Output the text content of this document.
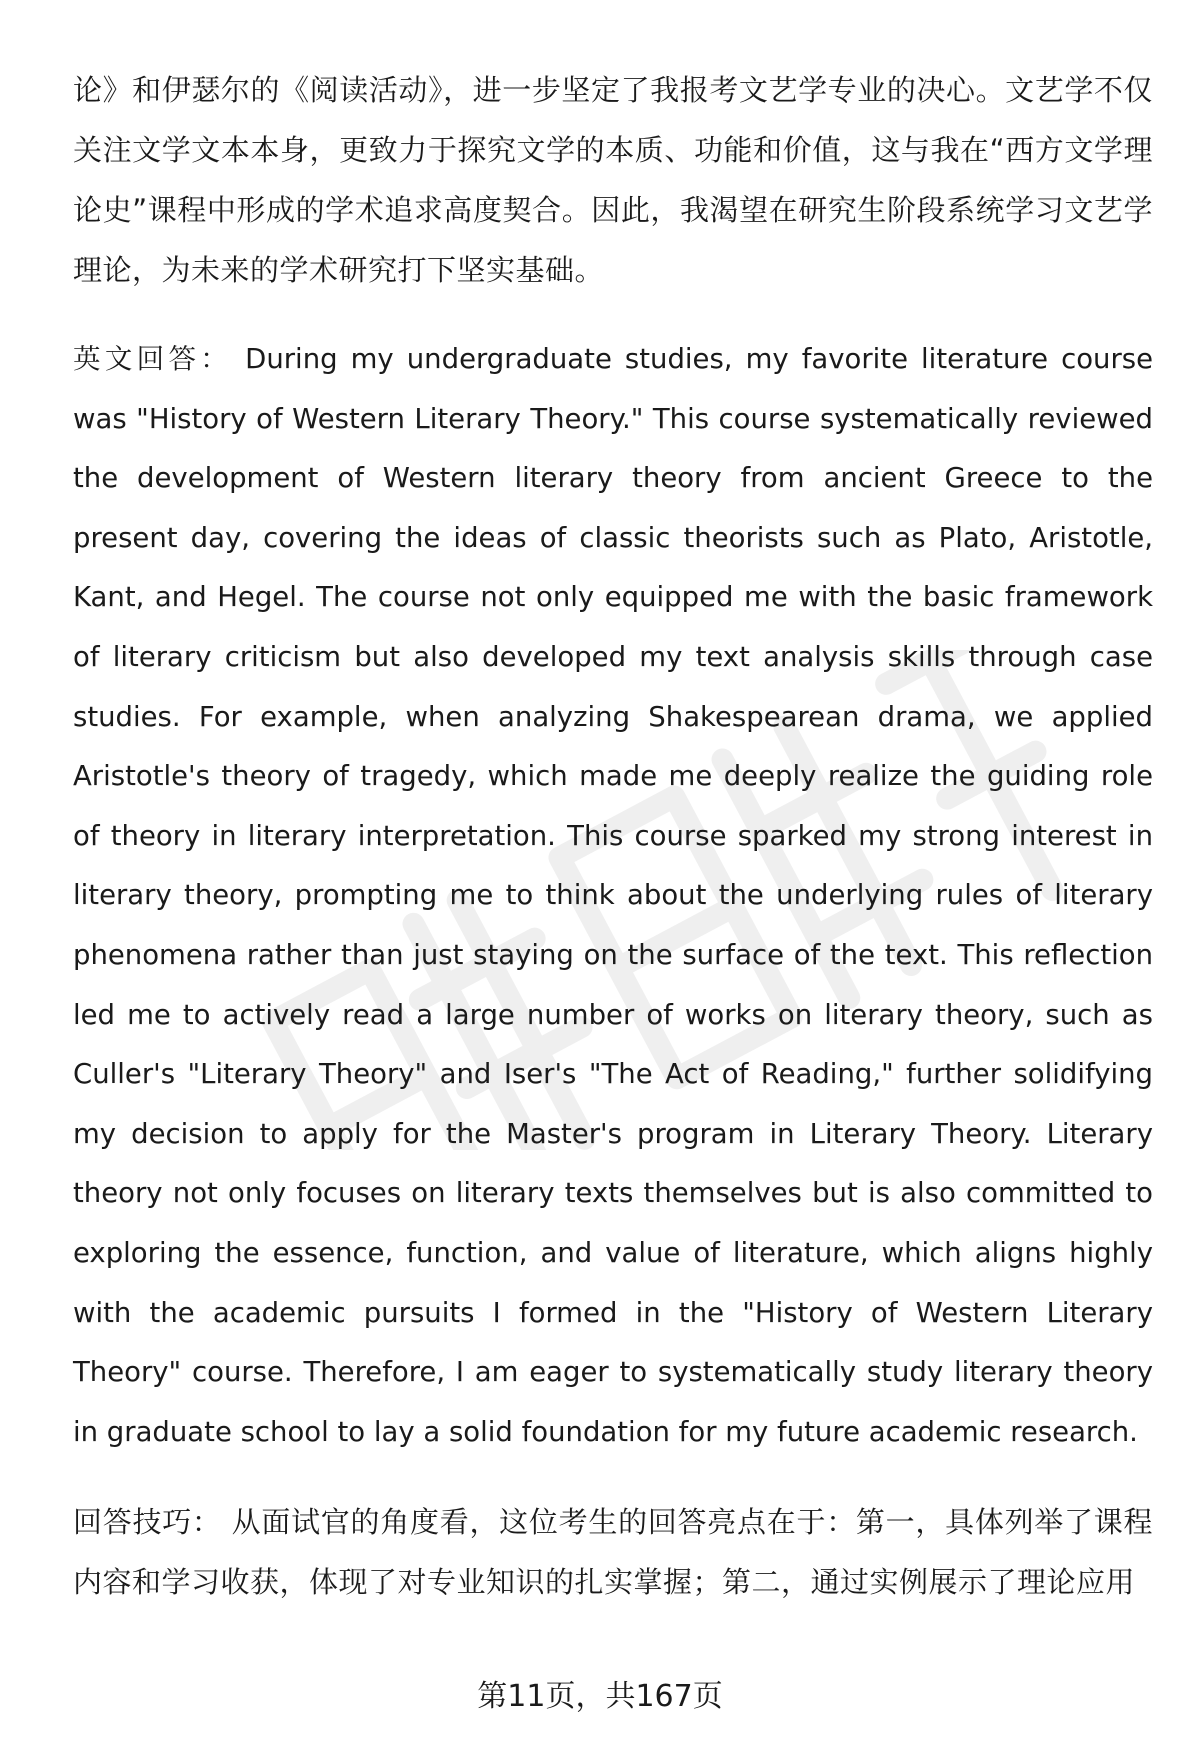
论》和伊瑟尔的《阅读活动》，进一步坚定了我报考文艺学专业的决心。文艺学不仅关注文学文本本身，更致力于探究文学的本质、功能和价值，这与我在“西方文学理论史”课程中形成的学术追求高度契合。因此，我渴望在研究生阶段系统学习文艺学理论，为未来的学术研究打下坚实基础。

英文回答： During my undergraduate studies, my favorite literature course was "History of Western Literary Theory." This course systematically reviewed the development of Western literary theory from ancient Greece to the present day, covering the ideas of classic theorists such as Plato, Aristotle, Kant, and Hegel. The course not only equipped me with the basic framework of literary criticism but also developed my text analysis skills through case studies. For example, when analyzing Shakespearean drama, we applied Aristotle's theory of tragedy, which made me deeply realize the guiding role of theory in literary interpretation. This course sparked my strong interest in literary theory, prompting me to think about the underlying rules of literary phenomena rather than just staying on the surface of the text. This reflection led me to actively read a large number of works on literary theory, such as Culler's "Literary Theory" and Iser's "The Act of Reading," further solidifying my decision to apply for the Master's program in Literary Theory. Literary theory not only focuses on literary texts themselves but is also committed to exploring the essence, function, and value of literature, which aligns highly with the academic pursuits I formed in the "History of Western Literary Theory" course. Therefore, I am eager to systematically study literary theory in graduate school to lay a solid foundation for my future academic research.

回答技巧： 从面试官的角度看，这位考生的回答亮点在于：第一，具体列举了课程内容和学习收获，体现了对专业知识的扎实掌握；第二，通过实例展示了理论应用

第11页，共167页
